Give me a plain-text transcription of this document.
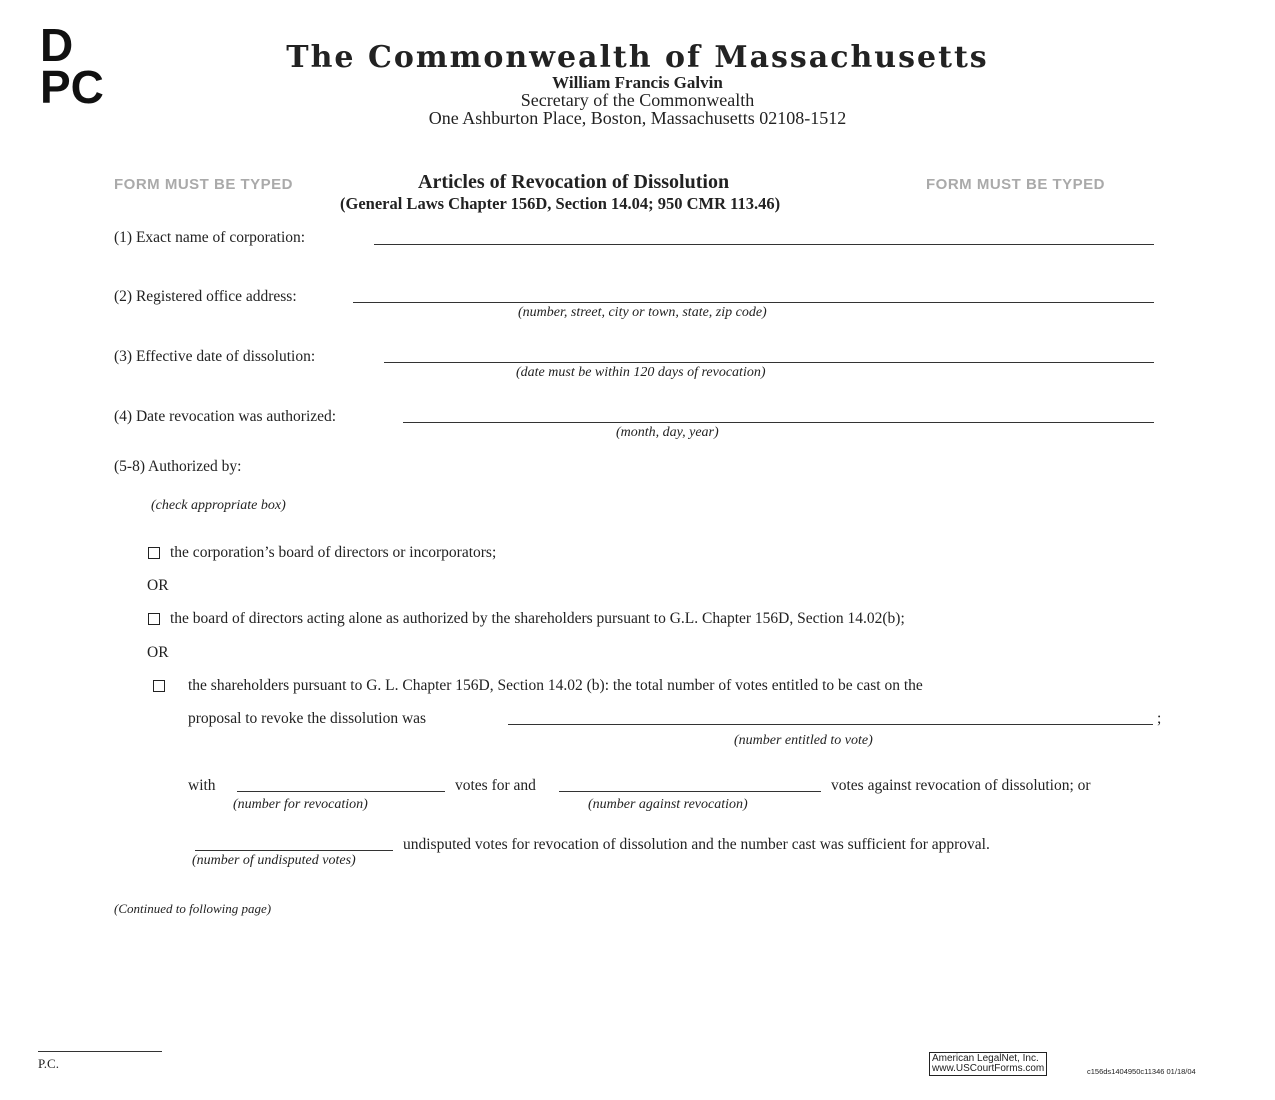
D
PC
The Commonwealth of Massachusetts
William Francis Galvin
Secretary of the Commonwealth
One Ashburton Place, Boston, Massachusetts 02108-1512
FORM MUST BE TYPED	FORM MUST BE TYPED
Articles of Revocation of Dissolution
(General Laws Chapter 156D, Section 14.04; 950 CMR 113.46)
(1) Exact name of corporation:
(2) Registered office address:
(number, street, city or town, state, zip code)
(3) Effective date of dissolution:
(date must be within 120 days of revocation)
(4) Date revocation was authorized:
(month, day, year)
(5-8) Authorized by:
(check appropriate box)
the corporation’s board of directors or incorporators;
OR
the board of directors acting alone as authorized by the shareholders pursuant to G.L. Chapter 156D, Section 14.02(b);
OR
the shareholders pursuant to G. L. Chapter 156D, Section 14.02 (b): the total number of votes entitled to be cast on the
proposal to revoke the dissolution was	;
(number entitled to vote)
with	votes for and	votes against revocation of dissolution; or
(number for revocation)	(number against revocation)
undisputed votes for revocation of dissolution and the number cast was sufficient for approval.
(number of undisputed votes)
(Continued to following page)
P.C.	American LegalNet, Inc.
www.USCourtForms.com	c156ds1404950c11346 01/18/04
